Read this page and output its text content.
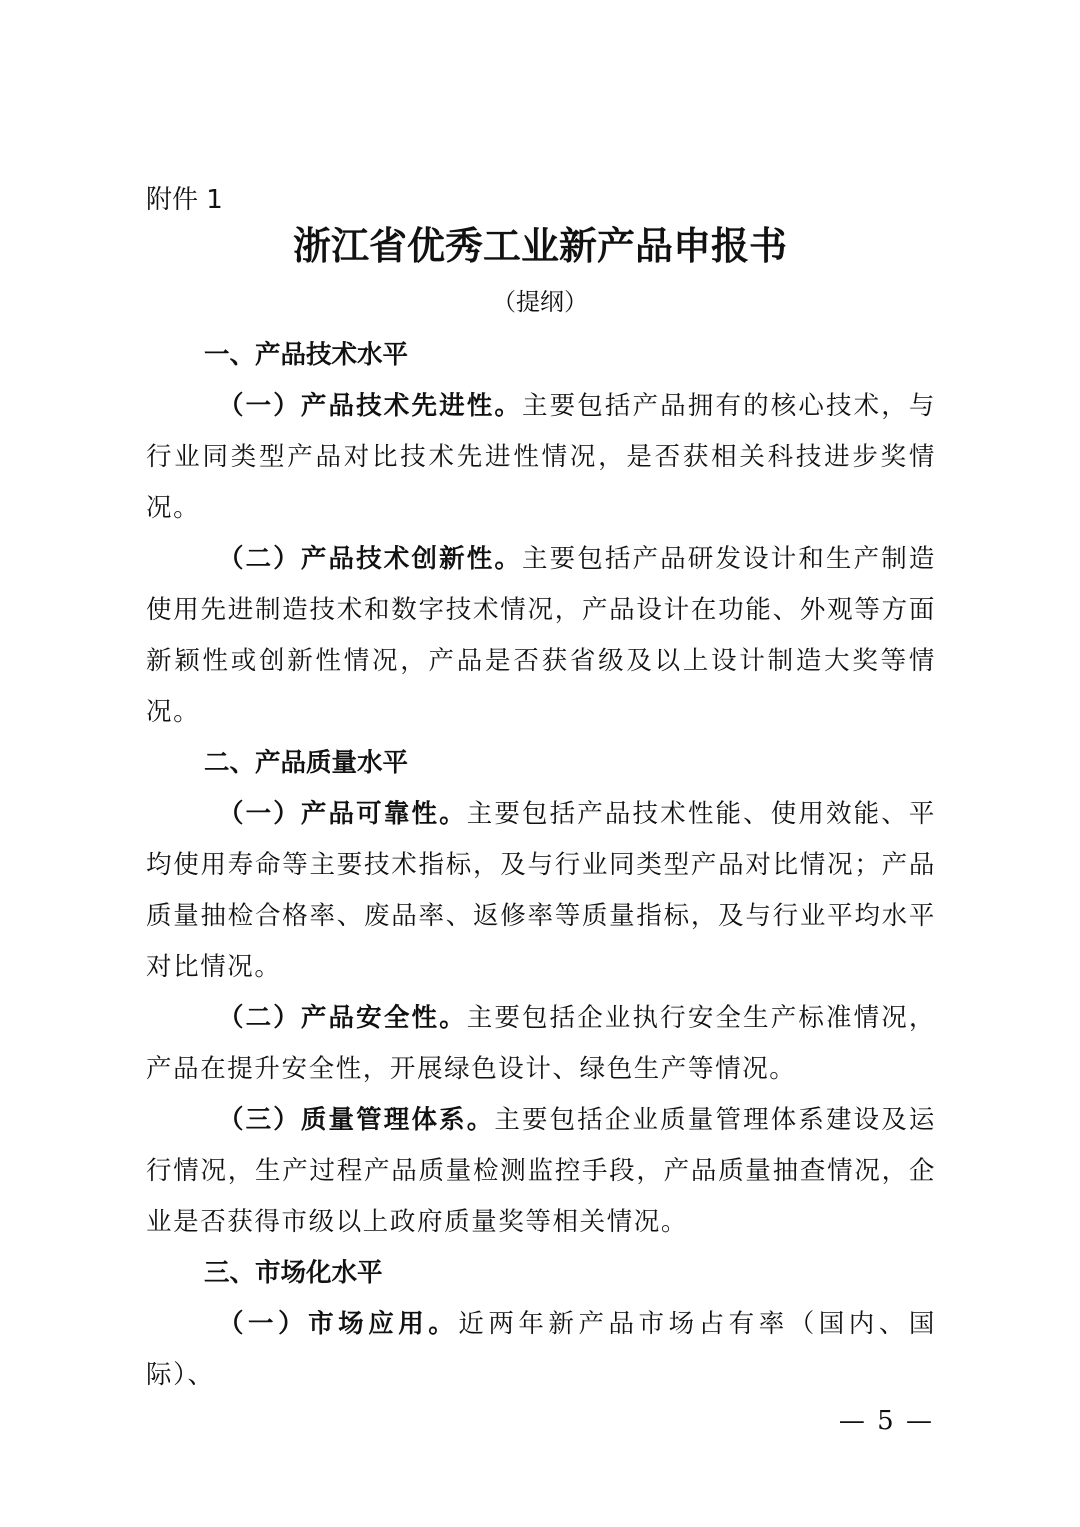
附件 1
浙江省优秀工业新产品申报书
（提纲）

一、产品技术水平

（一）产品技术先进性。主要包括产品拥有的核心技术，与行业同类型产品对比技术先进性情况，是否获相关科技进步奖情况。

（二）产品技术创新性。主要包括产品研发设计和生产制造使用先进制造技术和数字技术情况，产品设计在功能、外观等方面新颖性或创新性情况，产品是否获省级及以上设计制造大奖等情况。

二、产品质量水平

（一）产品可靠性。主要包括产品技术性能、使用效能、平均使用寿命等主要技术指标，及与行业同类型产品对比情况；产品质量抽检合格率、废品率、返修率等质量指标，及与行业平均水平对比情况。

（二）产品安全性。主要包括企业执行安全生产标准情况，产品在提升安全性，开展绿色设计、绿色生产等情况。

（三）质量管理体系。主要包括企业质量管理体系建设及运行情况，生产过程产品质量检测监控手段，产品质量抽查情况，企业是否获得市级以上政府质量奖等相关情况。

三、市场化水平

（一）市场应用。近两年新产品市场占有率（国内、国际）、

— 5 —
